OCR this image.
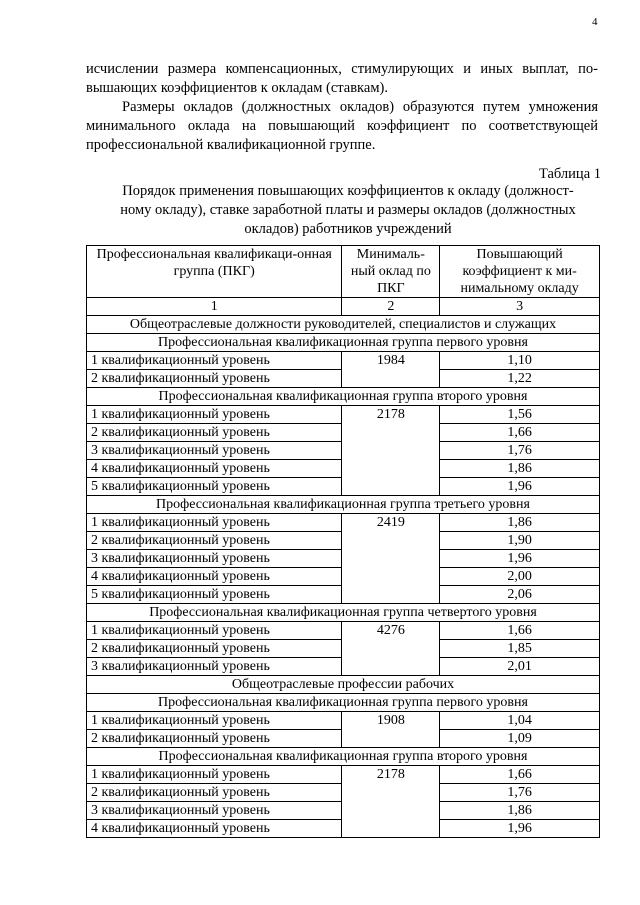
4

исчислении размера компенсационных, стимулирующих и иных выплат, по-вышающих коэффициентов к окладам (ставкам).

Размеры окладов (должностных окладов) образуются путем умножения минимального оклада на повышающий коэффициент по соответствующей профессиональной квалификационной группе.

Таблица 1
Порядок применения повышающих коэффициентов к окладу (должност-ному окладу), ставке заработной платы и размеры окладов (должностных окладов) работников учреждений
Профессиональная квалификаци-онная группа (ПКГ)	Минималь-ный оклад по ПКГ	Повышающий коэффициент к ми-нимальному окладу
1	2	3
Общеотраслевые должности руководителей, специалистов и служащих		
Профессиональная квалификационная группа первого уровня		
1 квалификационный уровень	1984	1,10
2 квалификационный уровень		1,22
Профессиональная квалификационная группа второго уровня		
1 квалификационный уровень	2178	1,56
2 квалификационный уровень		1,66
3 квалификационный уровень		1,76
4 квалификационный уровень		1,86
5 квалификационный уровень		1,96
Профессиональная квалификационная группа третьего уровня		
1 квалификационный уровень	2419	1,86
2 квалификационный уровень		1,90
3 квалификационный уровень		1,96
4 квалификационный уровень		2,00
5 квалификационный уровень		2,06
Профессиональная квалификационная группа четвертого уровня		
1 квалификационный уровень	4276	1,66
2 квалификационный уровень		1,85
3 квалификационный уровень		2,01
Общеотраслевые профессии рабочих		
Профессиональная квалификационная группа первого уровня		
1 квалификационный уровень	1908	1,04
2 квалификационный уровень		1,09
Профессиональная квалификационная группа второго уровня		
1 квалификационный уровень	2178	1,66
2 квалификационный уровень		1,76
3 квалификационный уровень		1,86
4 квалификационный уровень		1,96
